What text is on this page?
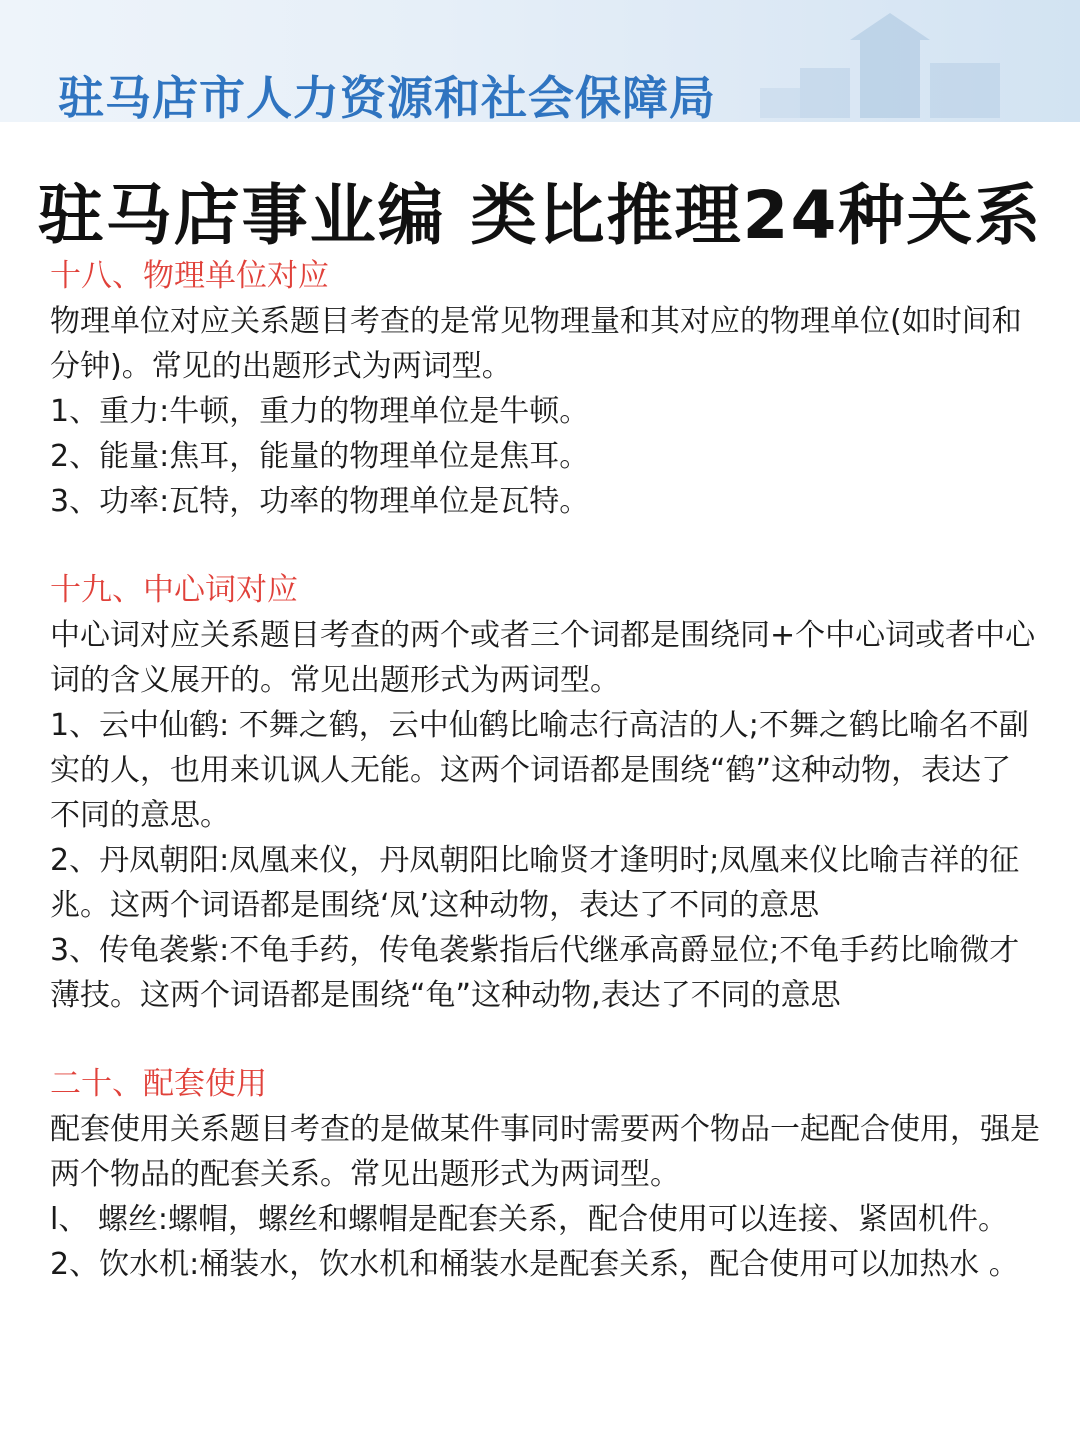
驻马店市人力资源和社会保障局
驻马店事业编 类比推理24种关系

十八、物理单位对应

物理单位对应关系题目考查的是常见物理量和其对应的物理单位(如时间和分钟)。常见的出题形式为两词型。

1、重力:牛顿，重力的物理单位是牛顿。

2、能量:焦耳，能量的物理单位是焦耳。

3、功率:瓦特，功率的物理单位是瓦特。

十九、中心词对应

中心词对应关系题目考查的两个或者三个词都是围绕同+个中心词或者中心词的含义展开的。常见出题形式为两词型。

1、云中仙鹤: 不舞之鹤，云中仙鹤比喻志行高洁的人;不舞之鹤比喻名不副实的人，也用来讥讽人无能。这两个词语都是围绕“鹤”这种动物，表达了不同的意思。

2、丹凤朝阳:凤凰来仪，丹凤朝阳比喻贤才逢明时;凤凰来仪比喻吉祥的征兆。这两个词语都是围绕‘凤’这种动物，表达了不同的意思

3、传龟袭紫:不龟手药，传龟袭紫指后代继承高爵显位;不龟手药比喻微才薄技。这两个词语都是围绕“龟”这种动物,表达了不同的意思

二十、配套使用

配套使用关系题目考查的是做某件事同时需要两个物品一起配合使用，强是两个物品的配套关系。常见出题形式为两词型。

l、 螺丝:螺帽，螺丝和螺帽是配套关系，配合使用可以连接、紧固机件。

2、饮水机:桶装水，饮水机和桶装水是配套关系，配合使用可以加热水 。
